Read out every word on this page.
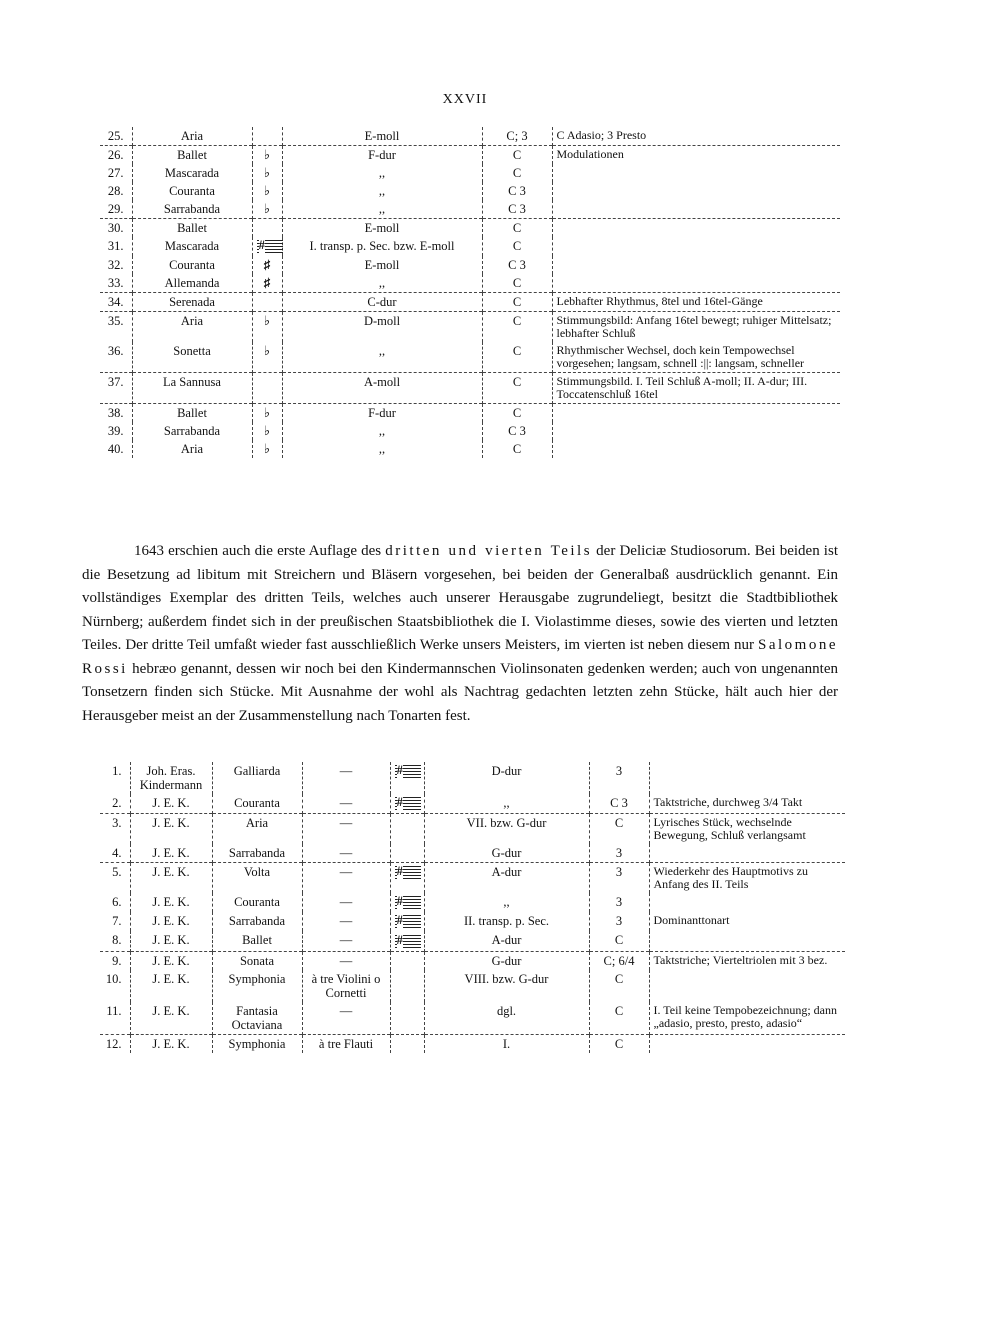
XXVII
25.	Aria		E-moll	C; 3	C Adasio; 3 Presto
26.	Ballet	♭	F-dur	C	Modulationen
27.	Mascarada	♭	,,	C	
28.	Couranta	♭	,,	C 3	
29.	Sarrabanda	♭	,,	C 3	
30.	Ballet		E-moll	C	
31.	Mascarada	#	I. transp. p. Sec. bzw. E-moll	C	
32.	Couranta	♯	E-moll	C 3	
33.	Allemanda	♯	,,	C	
34.	Serenada		C-dur	C	Lebhafter Rhythmus, 8tel und 16tel-Gänge
35.	Aria	♭	D-moll	C	Stimmungsbild: Anfang 16tel bewegt; ruhiger Mittelsatz; lebhafter Schluß
36.	Sonetta	♭	,,	C	Rhythmischer Wechsel, doch kein Tempowechsel vorgesehen; langsam, schnell :||: langsam, schneller
37.	La Sannusa		A-moll	C	Stimmungsbild. I. Teil Schluß A-moll; II. A-dur; III. Toccatenschluß 16tel
38.	Ballet	♭	F-dur	C	
39.	Sarrabanda	♭	,,	C 3	
40.	Aria	♭	,,	C	

1643 erschien auch die erste Auflage des dritten und vierten Teils der Deliciæ Studiosorum. Bei beiden ist die Besetzung ad libitum mit Streichern und Bläsern vorgesehen, bei beiden der Generalbaß ausdrücklich genannt. Ein vollständiges Exemplar des dritten Teils, welches auch unserer Herausgabe zugrundeliegt, besitzt die Stadtbibliothek Nürnberg; außerdem findet sich in der preußischen Staatsbibliothek die I. Violastimme dieses, sowie des vierten und letzten Teiles. Der dritte Teil umfaßt wieder fast ausschließlich Werke unsers Meisters, im vierten ist neben diesem nur Salomone Rossi hebræo genannt, dessen wir noch bei den Kindermannschen Violinsonaten gedenken werden; auch von ungenannten Tonsetzern finden sich Stücke. Mit Ausnahme der wohl als Nachtrag gedachten letzten zehn Stücke, hält auch hier der Herausgeber meist an der Zusammenstellung nach Tonarten fest.

1.	Joh. Eras. Kindermann	Galliarda	—	#	D-dur	3	
2.	J. E. K.	Couranta	—	#	,,	C 3	Taktstriche, durchweg 3/4 Takt
3.	J. E. K.	Aria	—		VII. bzw. G-dur	C	Lyrisches Stück, wechselnde Bewegung, Schluß verlangsamt
4.	J. E. K.	Sarrabanda	—		G-dur	3	
5.	J. E. K.	Volta	—	#	A-dur	3	Wiederkehr des Hauptmotivs zu Anfang des II. Teils
6.	J. E. K.	Couranta	—	#	,,	3	
7.	J. E. K.	Sarrabanda	—	#	II. transp. p. Sec.	3	Dominanttonart
8.	J. E. K.	Ballet	—	#	A-dur	C	
9.	J. E. K.	Sonata	—		G-dur	C; 6/4	Taktstriche; Vierteltriolen mit 3 bez.
10.	J. E. K.	Symphonia	à tre Violini o Cornetti		VIII. bzw. G-dur	C	
11.	J. E. K.	Fantasia Octaviana	—		dgl.	C	I. Teil keine Tempobezeichnung; dann „adasio, presto, presto, adasio“
12.	J. E. K.	Symphonia	à tre Flauti		I.	C	
